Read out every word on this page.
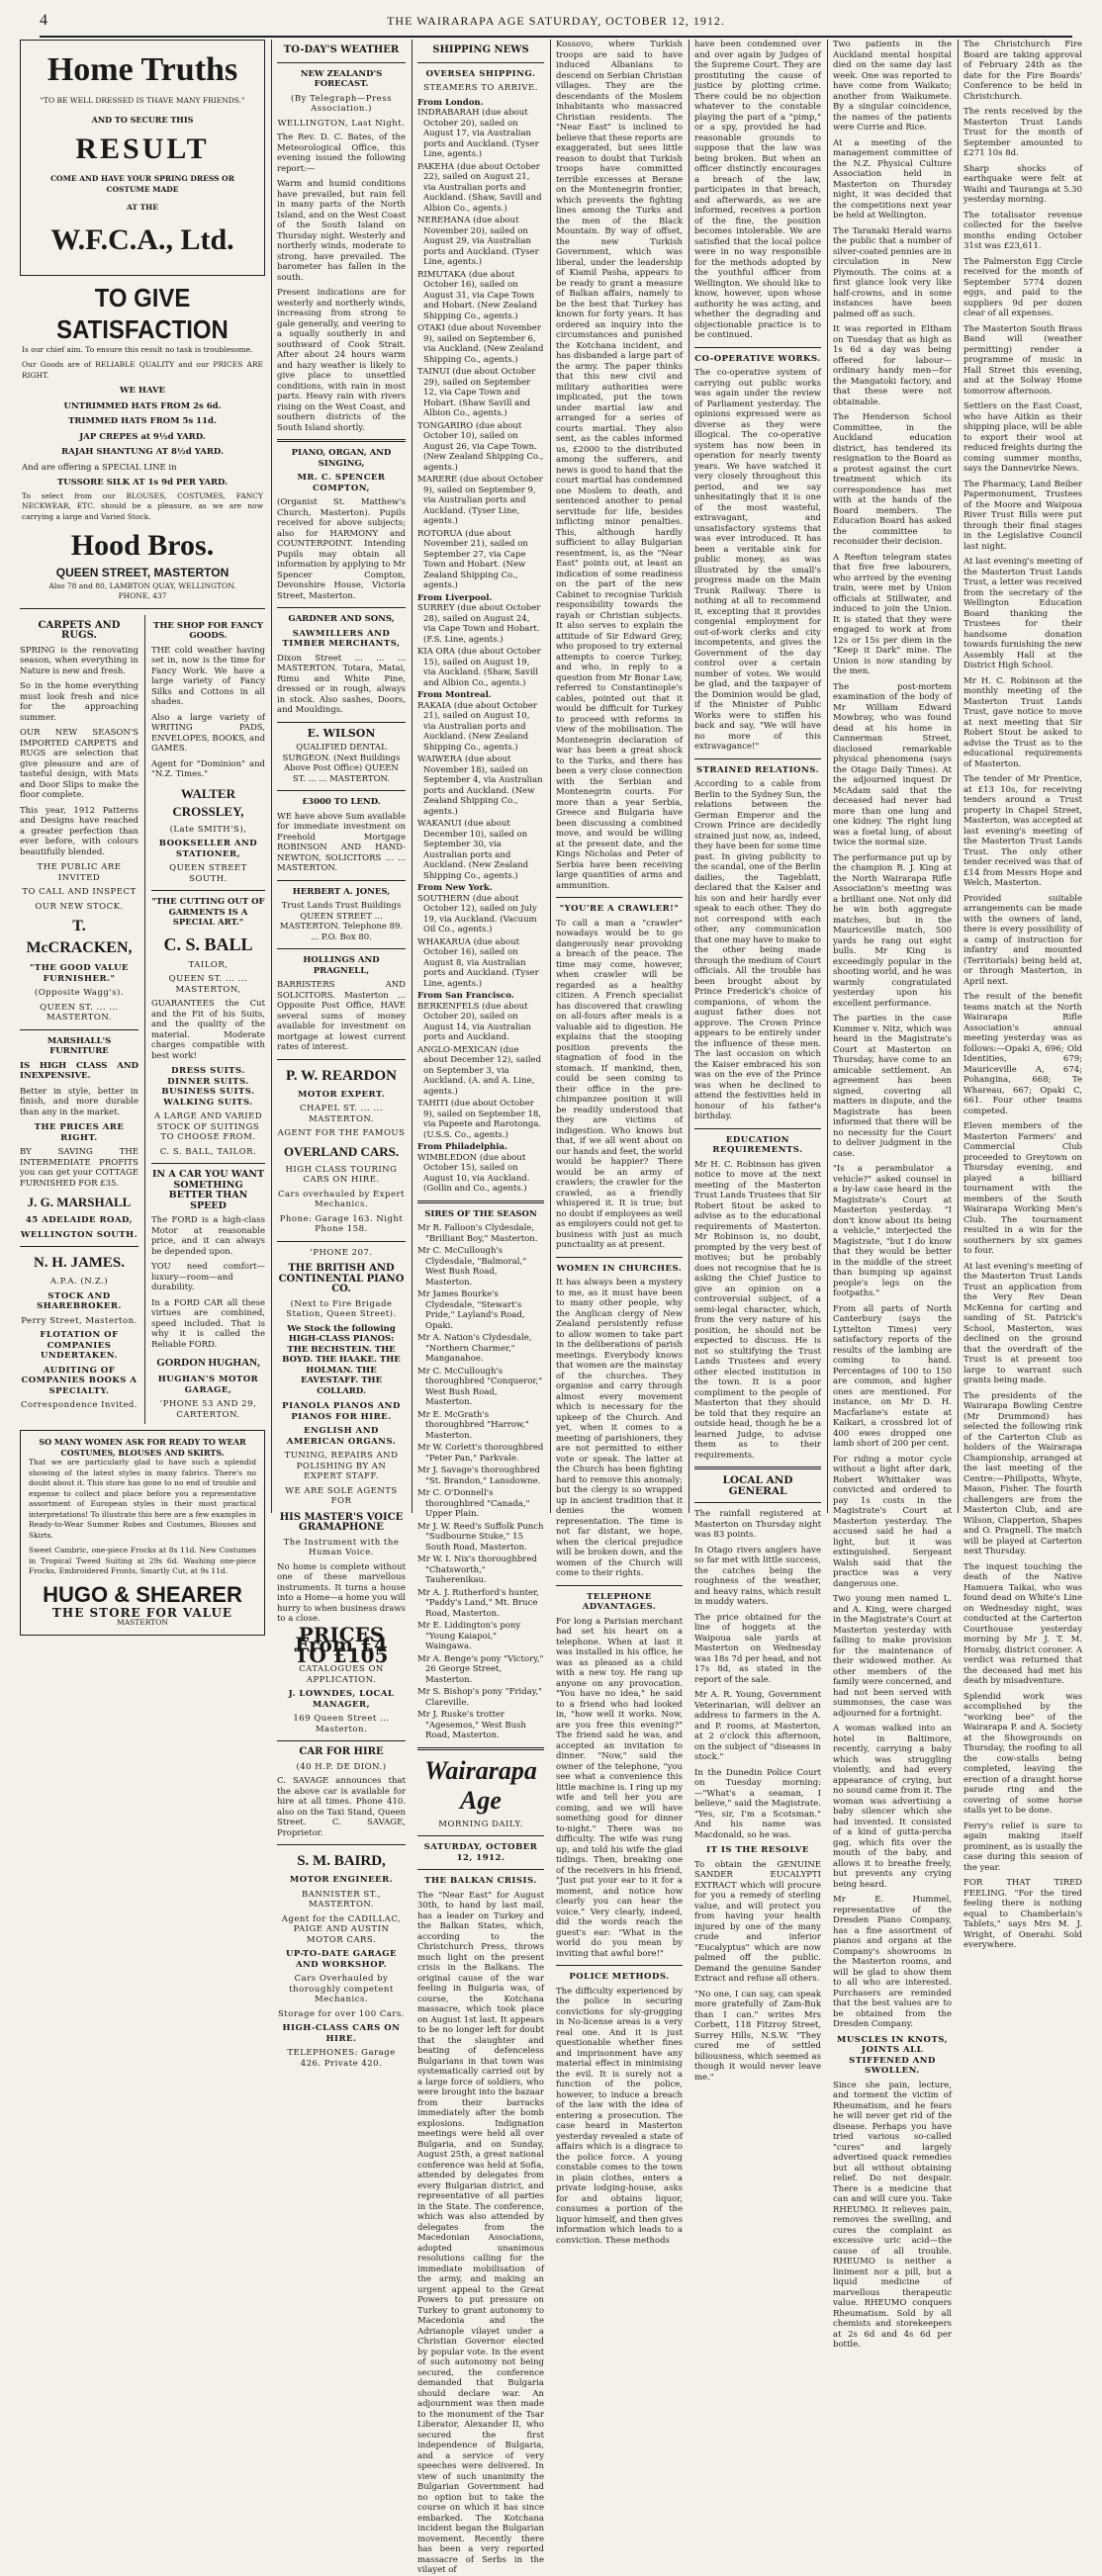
4	THE WAIRARAPA AGE SATURDAY, OCTOBER 12, 1912.
Home Truths
"TO BE WELL DRESSED IS THAVE MANY FRIENDS."
AND TO SECURE THIS
RESULT
COME AND HAVE YOUR SPRING DRESS OR COSTUME MADE
AT THE
W.F.C.A., Ltd.
TO GIVE SATISFACTION
Is our chief aim. To ensure this result no task is troublesome.
Our Goods are of RELIABLE QUALITY and our PRICES ARE RIGHT.
WE HAVE
UNTRIMMED HATS FROM 2s 6d.
TRIMMED HATS FROM 5s 11d.
JAP CREPES at 9½d YARD.
RAJAH SHANTUNG AT 8½d YARD.
And are offering a SPECIAL LINE in
TUSSORE SILK AT 1s 9d PER YARD.
To select from our BLOUSES, COSTUMES, FANCY NECKWEAR, ETC. should be a pleasure, as we are now carrying a large and Varied Stock.
Hood Bros.
QUEEN STREET, MASTERTON
Also 78 and 80, LAMBTON QUAY, WELLINGTON.
PHONE, 437
CARPETS AND RUGS.
SPRING is the renovating season, when everything in Nature is new and fresh.
So in the home everything must look fresh and nice for the approaching summer.
OUR NEW SEASON'S IMPORTED CARPETS and RUGS are selection that give pleasure and are of tasteful design, with Mats and Door Slips to make the floor complete.
This year, 1912 Patterns and Designs have reached a greater perfection than ever before, with colours beautifully blended.
THE PUBLIC ARE INVITED
TO CALL AND INSPECT
OUR NEW STOCK.
T. McCRACKEN,
"THE GOOD VALUE FURNISHER."
(Opposite Wagg's).
QUEEN ST. ... ... MASTERTON.
MARSHALL'S FURNITURE
IS HIGH CLASS AND INEXPENSIVE.
Better in style, better in finish, and more durable than any in the market.
THE PRICES ARE RIGHT.
BY SAVING THE INTERMEDIATE PROFITS you can get your COTTAGE FURNISHED FOR £35.
J. G. MARSHALL
45 ADELAIDE ROAD,
WELLINGTON SOUTH.
N. H. JAMES.
A.P.A. (N.Z.)
STOCK AND SHAREBROKER.
Perry Street, Masterton.
FLOTATION OF COMPANIES UNDERTAKEN.
AUDITING OF COMPANIES BOOKS A SPECIALTY.
Correspondence Invited.
THE SHOP FOR FANCY GOODS.
THE cold weather having set in, now is the time for Fancy Work. We have a large variety of Fancy Silks and Cottons in all shades.
Also a large variety of WRITING PADS, ENVELOPES, BOOKS, and GAMES.
Agent for "Dominion" and "N.Z. Times."
WALTER CROSSLEY,
(Late SMITH'S),
BOOKSELLER AND STATIONER,
QUEEN STREET SOUTH.
"THE CUTTING OUT OF GARMENTS IS A SPECIAL ART."
C. S. BALL
TAILOR,
QUEEN ST. ... ... MASTERTON,
GUARANTEES the Cut and the Fit of his Suits, and the quality of the material. Moderate charges compatible with best work!
DRESS SUITS. DINNER SUITS. BUSINESS SUITS. WALKING SUITS.
A LARGE AND VARIED STOCK OF SUITINGS TO CHOOSE FROM.
C. S. BALL, TAILOR.
IN A CAR YOU WANT SOMETHING BETTER THAN SPEED
The FORD is a high-class Motor at reasonable price, and it can always be depended upon.
YOU need comfort—luxury—room—and durability.
In a FORD CAR all these virtues are combined, speed included. That is why it is called the Reliable FORD.
GORDON HUGHAN,
HUGHAN'S MOTOR GARAGE,
'PHONE 53 AND 29, CARTERTON.
SO MANY WOMEN ASK FOR READY TO WEAR COSTUMES, BLOUSES AND SKIRTS.
That we are particularly glad to have such a splendid showing of the latest styles in many fabrics. There's no doubt about it. This store has gone to no end of trouble and expense to collect and place before you a representative assortment of European styles in their most practical interpretations! To illustrate this here are a few examples in Ready-to-Wear Summer Robes and Costumes, Blouses and Skirts.
Sweet Cambric, one-piece Frocks at 8s 11d. New Costumes in Tropical Tweed Suiting at 29s 6d. Washing one-piece Frocks, Embroidered Fronts, Smartly Cut, at 9s 11d.
HUGO & SHEARER
THE STORE FOR VALUE
MASTERTON
TO-DAY'S WEATHER
NEW ZEALAND'S FORECAST.
(By Telegraph—Press Association.)
WELLINGTON, Last Night.
The Rev. D. C. Bates, of the Meteorological Office, this evening issued the following report:—
Warm and humid conditions have prevailed, but rain fell in many parts of the North Island, and on the West Coast of the South Island on Thursday night. Westerly and northerly winds, moderate to strong, have prevailed. The barometer has fallen in the south.
Present indications are for westerly and northerly winds, increasing from strong to gale generally, and veering to a squally southerly in and southward of Cook Strait. After about 24 hours warm and hazy weather is likely to give place to unsettled conditions, with rain in most parts. Heavy rain with rivers rising on the West Coast, and southern districts of the South Island shortly.
PIANO, ORGAN, AND SINGING,
MR. C. SPENCER COMPTON,
(Organist St. Matthew's Church, Masterton). Pupils received for above subjects; also for HARMONY and COUNTERPOINT. Intending Pupils may obtain all information by applying to Mr Spencer Compton, Devonshire House, Victoria Street, Masterton.
GARDNER AND SONS,
SAWMILLERS AND TIMBER MERCHANTS,
Dixon Street ... ... ... MASTERTON. Totara, Matai, Rimu and White Pine, dressed or in rough, always in stock. Also sashes, Doors, and Mouldings.
E. WILSON
QUALIFIED DENTAL SURGEON. (Next Buildings Above Post Office) QUEEN ST. ... ... MASTERTON.
£3000 TO LEND.
WE have above Sum available for immediate investment on Freehold Mortgage ROBINSON AND HAND-NEWTON, SOLICITORS ... ... MASTERTON.
HERBERT A. JONES,
Trust Lands Trust Buildings QUEEN STREET ... MASTERTON. Telephone 89. ... P.O. Box 80.
HOLLINGS AND PRAGNELL,
BARRISTERS AND SOLICITORS. Masterton ... Opposite Post Office, HAVE several sums of money available for investment on mortgage at lowest current rates of interest.
P. W. REARDON
MOTOR EXPERT.
CHAPEL ST. ... ... MASTERTON.
AGENT FOR THE FAMOUS
OVERLAND CARS.
HIGH CLASS TOURING CARS ON HIRE.
Cars overhauled by Expert Mechanics.
Phone: Garage 163. Night Phone 158.
'PHONE 207.
THE BRITISH AND CONTINENTAL PIANO CO.
(Next to Fire Brigade Station, Queen Street).
We Stock the following HIGH-CLASS PIANOS: THE BECHSTEIN. THE BOYD. THE HAAKE. THE HOLMAN. THE EAVESTAFF. THE COLLARD.
PIANOLA PIANOS AND PIANOS FOR HIRE.
ENGLISH AND AMERICAN ORGANS.
TUNING, REPAIRS AND POLISHING BY AN EXPERT STAFF.
WE ARE SOLE AGENTS FOR
HIS MASTER'S VOICE GRAMAPHONE
The Instrument with the Human Voice.
No home is complete without one of these marvellous instruments. It turns a house into a Home—a home you will hurry to when business draws to a close.
PRICES From £4 TO £105
CATALOGUES ON APPLICATION.
J. LOWNDES, LOCAL MANAGER,
169 Queen Street ... Masterton.
CAR FOR HIRE
(40 H.P. DE DION.)
C. SAVAGE announces that the above car is available for hire at all times. Phone 410. also on the Taxi Stand, Queen Street. C. SAVAGE, Proprietor.
S. M. BAIRD,
MOTOR ENGINEER.
BANNISTER ST., MASTERTON.
Agent for the CADILLAC, PAIGE AND AUSTIN MOTOR CARS.
UP-TO-DATE GARAGE AND WORKSHOP.
Cars Overhauled by thoroughly competent Mechanics.
Storage for over 100 Cars.
HIGH-CLASS CARS ON HIRE.
TELEPHONES: Garage 426. Private 420.
SHIPPING NEWS
OVERSEA SHIPPING.
STEAMERS TO ARRIVE.
From London.
INDRABARAH (due about October 20), sailed on August 17, via Australian ports and Auckland. (Tyser Line, agents.)
PAKEHA (due about October 22), sailed on August 21, via Australian ports and Auckland. (Shaw, Savill and Albion Co., agents.)
NEREHANA (due about November 20), sailed on August 29, via Australian ports and Auckland. (Tyser Line, agents.)
RIMUTAKA (due about October 16), sailed on August 31, via Cape Town and Hobart. (New Zealand Shipping Co., agents.)
OTAKI (due about November 9), sailed on September 6, via Auckland. (New Zealand Shipping Co., agents.)
TAINUI (due about October 29), sailed on September 12, via Cape Town and Hobart. (Shaw Savill and Albion Co., agents.)
TONGARIRO (due about October 10), sailed on August 26, via Cape Town. (New Zealand Shipping Co., agents.)
MARERE (due about October 9), sailed on September 9, via Australian ports and Auckland. (Tyser Line, agents.)
ROTORUA (due about November 21), sailed on September 27, via Cape Town and Hobart. (New Zealand Shipping Co., agents.)
From Liverpool.
SURREY (due about October 28), sailed on August 24, via Cape Town and Hobart. (F.S. Line, agents.)
KIA ORA (due about October 15), sailed on August 19, via Auckland. (Shaw, Savill and Albion Co., agents.)
From Montreal.
RAKAIA (due about October 21), sailed on August 10, via Australian ports and Auckland. (New Zealand Shipping Co., agents.)
WAIWERA (due about November 18), sailed on September 4, via Australian ports and Auckland. (New Zealand Shipping Co., agents.)
WAKANUI (due about December 10), sailed on September 30, via Australian ports and Auckland. (New Zealand Shipping Co., agents.)
From New York.
SOUTHERN (due about October 12), sailed on July 19, via Auckland. (Vacuum Oil Co., agents.)
WHAKARUA (due about October 16), sailed on August 8, via Australian ports and Auckland. (Tyser Line, agents.)
From San Francisco.
BERKENFELS (due about October 20), sailed on August 14, via Australian ports and Auckland.
ANGLO-MEXICAN (due about December 12), sailed on September 3, via Auckland. (A. and A. Line, agents.)
TAHITI (due about October 9), sailed on September 18, via Papeete and Rarotonga. (U.S.S. Co., agents.)
From Philadelphia.
WIMBLEDON (due about October 15), sailed on August 10, via Auckland. (Gollin and Co., agents.)
SIRES OF THE SEASON
Mr R. Falloon's Clydesdale, "Brilliant Boy," Masterton.
Mr C. McCullough's Clydesdale, "Balmoral," West Bush Road, Masterton.
Mr James Bourke's Clydesdale, "Stewart's Pride," Layland's Road, Opaki.
Mr A. Nation's Clydesdale, "Northern Charmer," Manganahoe.
Mr C. McCullough's thoroughbred "Conqueror," West Bush Road, Masterton.
Mr E. McGrath's thoroughbred "Harrow," Masterton.
Mr W. Corlett's thoroughbred "Peter Pan," Parkvale.
Mr J. Savage's thoroughbred "St. Brandon," Lansdowne.
Mr C. O'Donnell's thoroughbred "Canada," Upper Plain.
Mr J. W. Reed's Suffolk Punch "Sudbourne Stuke," 15 South Road, Masterton.
Mr W. I. Nix's thoroughbred "Chatsworth," Tauherenikau.
Mr A. J. Rutherford's hunter, "Paddy's Land," Mt. Bruce Road, Masterton.
Mr E. Liddington's pony "Young Kaiapoi," Waingawa.
Mr A. Benge's pony "Victory," 26 George Street, Masterton.
Mr S. Bishop's pony "Friday," Clareville.
Mr J. Ruske's trotter "Agesemos," West Bush Road, Masterton.
Wairarapa Age
MORNING DAILY.
SATURDAY, OCTOBER 12, 1912.
THE BALKAN CRISIS.
The "Near East" for August 30th, to hand by last mail, has a leader on Turkey and the Balkan States, which, according to the Christchurch Press, throws much light on the present crisis in the Balkans. The original cause of the war feeling in Bulgaria was, of course, the Kotchana massacre, which took place on August 1st last. It appears to be no longer left for doubt that the slaughter and beating of defenceless Bulgarians in that town was systematically carried out by a large force of soldiers, who were brought into the bazaar from their barracks immediately after the bomb explosions. Indignation meetings were held all over Bulgaria, and on Sunday, August 25th, a great national conference was held at Sofia, attended by delegates from every Bulgarian district, and representative of all parties in the State. The conference, which was also attended by delegates from the Macedonian Associations, adopted unanimous resolutions calling for the immediate mobilisation of the army, and making an urgent appeal to the Great Powers to put pressure on Turkey to grant autonomy to Macedonia and the Adrianople vilayet under a Christian Governor elected by popular vote. In the event of such autonomy not being secured, the conference demanded that Bulgaria should declare war. An adjournment was then made to the monument of the Tsar Liberator, Alexander II, who secured the first independence of Bulgaria, and a service of very speeches were delivered. In view of such unanimity the Bulgarian Government had no option but to take the course on which it has since embarked. The Kotchana incident began the Bulgarian movement. Recently there has been a very reported massacre of Serbs in the vilayet of
Kossovo, where Turkish troops are said to have induced Albanians to descend on Serbian Christian villages. They are the descendants of the Moslem inhabitants who massacred Christian residents. The "Near East" is inclined to believe that these reports are exaggerated, but sees little reason to doubt that Turkish troops have committed terrible excesses at Berane on the Montenegrin frontier, which prevents the fighting lines among the Turks and the men of the Black Mountain. By way of offset, the new Turkish Government, which was liberal, under the leadership of Kiamil Pasha, appears to be ready to grant a measure of Balkan affairs, namely to be the best that Turkey has known for forty years. It has ordered an inquiry into the circumstances and punished the Kotchana incident, and has disbanded a large part of the army. The paper thinks that this new civil and military authorities were implicated, put the town under martial law and arranged for a series of courts martial. They also sent, as the cables informed us, £2000 to the distributed among the sufferers, and news is good to hand that the court martial has condemned one Moslem to death, and sentenced another to penal servitude for life, besides inflicting minor penalties. This, although hardly sufficient to allay Bulgarian resentment, is, as the "Near East" points out, at least an indication of some readiness on the part of the new Cabinet to recognise Turkish responsibility towards the rayah or Christian subjects. It also serves to explain the attitude of Sir Edward Grey, who proposed to try external attempts to coerce Turkey, and who, in reply to a question from Mr Bonar Law, referred to Constantinople's cables, pointed out that it would be difficult for Turkey to proceed with reforms in view of the mobilisation. The Montenegrin declaration of war has been a great shock to the Turks, and there has been a very close connection with the Serbian and Montenegrin courts. For more than a year Serbia, Greece and Bulgaria have been discussing a combined move, and would be willing at the present date, and the Kings Nicholas and Peter of Serbia have been receiving large quantities of arms and ammunition.
"YOU'RE A CRAWLER!"
To call a man a "crawler" nowadays would be to go dangerously near provoking a breach of the peace. The time may come, however, when crawler will be regarded as a healthy citizen. A French specialist has discovered that crawling on all-fours after meals is a valuable aid to digestion. He explains that the stooping position prevents the stagnation of food in the stomach. If mankind, then, could be seen coming to their office in the pre-chimpanzee position it will be readily understood that they are victims of indigestion. Who knows but that, if we all went about on our hands and feet, the world would be happier? There would be an army of crawlers; the crawler for the crawled, as a friendly whispered it. It is true; but no doubt if employees as well as employers could not get to business with just as much punctuality as at present.
WOMEN IN CHURCHES.
It has always been a mystery to me, as it must have been to many other people, why the Anglican clergy of New Zealand persistently refuse to allow women to take part in the deliberations of parish meetings. Everybody knows that women are the mainstay of the churches. They organise and carry through almost every movement which is necessary for the upkeep of the Church. And yet, when it comes to a meeting of parishioners, they are not permitted to either vote or speak. The latter at the Church has been fighting hard to remove this anomaly; but the clergy is so wrapped up in ancient tradition that it denies the women representation. The time is not far distant, we hope, when the clerical prejudice will be broken down, and the women of the Church will come to their rights.
TELEPHONE ADVANTAGES.
For long a Parisian merchant had set his heart on a telephone. When at last it was installed in his office, he was as pleased as a child with a new toy. He rang up anyone on any provocation. "You have no idea," he said to a friend who had looked in, "how well it works. Now, are you free this evening?" The friend said he was, and accepted an invitation to dinner. "Now," said the owner of the telephone, "you see what a convenience this little machine is. I ring up my wife and tell her you are coming, and we will have something good for dinner to-night." There was no difficulty. The wife was rung up, and told his wife the glad tidings. Then, breaking one of the receivers in his friend, "Just put your ear to it for a moment, and notice how clearly you can hear the voice." Very clearly, indeed, did the words reach the guest's ear: "What in the world do you mean by inviting that awful bore!"
POLICE METHODS.
The difficulty experienced by the police in securing convictions for sly-grogging in No-license areas is a very real one. And it is just questionable whether fines and imprisonment have any material effect in minimising the evil. It is surely not a function of the police, however, to induce a breach of the law with the idea of entering a prosecution. The case heard in Masterton yesterday revealed a state of affairs which is a disgrace to the police force. A young constable comes to the town in plain clothes, enters a private lodging-house, asks for and obtains liquor, consumes a portion of the liquor himself, and then gives information which leads to a conviction. These methods
have been condemned over and over again by Judges of the Supreme Court. They are prostituting the cause of justice by plotting crime. There could be no objection whatever to the constable playing the part of a "pimp," or a spy, provided he had reasonable grounds to suppose that the law was being broken. But when an officer distinctly encourages a breach of the law, participates in that breach, and afterwards, as we are informed, receives a portion of the fine, the position becomes intolerable. We are satisfied that the local police were in no way responsible for the methods adopted by the youthful officer from Wellington. We should like to know, however, upon whose authority he was acting, and whether the degrading and objectionable practice is to be continued.
CO-OPERATIVE WORKS.
The co-operative system of carrying out public works was again under the review of Parliament yesterday. The opinions expressed were as diverse as they were illogical. The co-operative system has now been in operation for nearly twenty years. We have watched it very closely throughout this period, and we say unhesitatingly that it is one of the most wasteful, extravagant, and unsatisfactory systems that was ever introduced. It has been a veritable sink for public money, as was illustrated by the small's progress made on the Main Trunk Railway. There is nothing at all to recommend it, excepting that it provides congenial employment for out-of-work clerks and city incompetents, and gives the Government of the day control over a certain number of votes. We would be glad, and the taxpayer of the Dominion would be glad, if the Minister of Public Works were to stiffen his back and say, "We will have no more of this extravagance!"
STRAINED RELATIONS.
According to a cable from Berlin to the Sydney Sun, the relations between the German Emperor and the Crown Prince are decidedly strained just now, as, indeed, they have been for some time past. In giving publicity to the scandal, one of the Berlin dailies, the Tageblatt, declared that the Kaiser and his son and heir hardly ever speak to each other. They do not correspond with each other, any communication that one may have to make to the other being made through the medium of Court officials. All the trouble has been brought about by Prince Frederick's choice of companions, of whom the august father does not approve. The Crown Prince appears to be entirely under the influence of these men. The last occasion on which the Kaiser embraced his son was on the eve of the Prince was when he declined to attend the festivities held in honour of his father's birthday.
EDUCATION REQUIREMENTS.
Mr H. C. Robinson has given notice to move at the next meeting of the Masterton Trust Lands Trustees that Sir Robert Stout be asked to advise as to the educational requirements of Masterton. Mr Robinson is, no doubt, prompted by the very best of motives; but he probably does not recognise that he is asking the Chief Justice to give an opinion on a controversial subject, of a semi-legal character, which, from the very nature of his position, he should not be expected to discuss. He is not so stultifying the Trust Lands Trustees and every other elected institution in the town. It is a poor compliment to the people of Masterton that they should be told that they require an outside head, though he be a learned Judge, to advise them as to their requirements.
LOCAL AND GENERAL
The rainfall registered at Masterton on Thursday night was 83 points.
In Otago rivers anglers have so far met with little success, the catches being the roughness of the weather, and heavy rains, which result in muddy waters.
The price obtained for the line of hoggets at the Waipoua sale yards at Masterton on Wednesday was 18s 7d per head, and not 17s 8d, as stated in the report of the sale.
Mr A. R. Young, Government Veterinarian, will deliver an address to farmers in the A. and P. rooms, at Masterton, at 2 o'clock this afternoon, on the subject of "diseases in stock."
In the Dunedin Police Court on Tuesday morning:—"What's a seaman, I believe," said the Magistrate. "Yes, sir, I'm a Scotsman." And his name was Macdonald, so he was.
IT IS THE RESOLVE
To obtain the GENUINE SANDER EUCALYPTI EXTRACT which will procure for you a remedy of sterling value, and will protect you from having your health injured by one of the many crude and inferior "Eucalyptus" which are now palmed off the public. Demand the genuine Sander Extract and refuse all others.
"No one, I can say, can speak more gratefully of Zam-Buk than I can." writes Mrs Corbett, 118 Fitzroy Street, Surrey Hills, N.S.W. "They cured me of settled biliousness, which seemed as though it would never leave me."
Two patients in the Auckland mental hospital died on the same day last week. One was reported to have come from Waikato; another from Waikumete. By a singular coincidence, the names of the patients were Currie and Rice.
At a meeting of the management committee of the N.Z. Physical Culture Association held in Masterton on Thursday night, it was decided that the competitions next year be held at Wellington.
The Taranaki Herald warns the public that a number of silver-coated pennies are in circulation in New Plymouth. The coins at a first glance look very like half-crowns, and in some instances have been palmed off as such.
It was reported in Eltham on Tuesday that as high as 1s 6d a day was being offered for labour—ordinary handy men—for the Mangatoki factory, and that these were not obtainable.
The Henderson School Committee, in the Auckland education district, has tendered its resignation to the Board as a protest against the curt treatment which its correspondence has met with at the hands of the Board members. The Education Board has asked the committee to reconsider their decision.
A Reefton telegram states that five free labourers, who arrived by the evening train, were met by Union officials at Stillwater, and induced to join the Union. It is stated that they were engaged to work at from 12s or 15s per diem in the "Keep it Dark" mine. The Union is now standing by the men.
The post-mortem examination of the body of Mr William Edward Mowbray, who was found dead at his home in Cannerman Street, disclosed remarkable physical phenomena (says the Otago Daily Times). At the adjourned inquest Dr McAdam said that the deceased had never had more than one lung and one kidney. The right lung was a foetal lung, of about twice the normal size.
The performance put up by the champion R. J. King at the North Wairarapa Rifle Association's meeting was a brilliant one. Not only did he win both aggregate matches, but in the Mauriceville match, 500 yards he rang out eight bulls. Mr King is exceedingly popular in the shooting world, and he was warmly congratulated yesterday upon his excellent performance.
The parties in the case Kummer v. Nitz, which was heard in the Magistrate's Court at Masterton on Thursday, have come to an amicable settlement. An agreement has been signed, covering all matters in dispute, and the Magistrate has been informed that there will be no necessity for the Court to deliver judgment in the case.
"Is a perambulator a vehicle?" asked counsel in a by-law case heard in the Magistrate's Court at Masterton yesterday. "I don't know about its being a vehicle," interjected the Magistrate, "but I do know that they would be better in the middle of the street than bumping up against people's legs on the footpaths."
From all parts of North Canterbury (says the Lyttelton Times) very satisfactory reports of the results of the lambing are coming to hand. Percentages of 100 to 150 are common, and higher ones are mentioned. For instance, on Mr D. H. Macfarlane's estate at Kaikari, a crossbred lot of 400 ewes dropped one lamb short of 200 per cent.
For riding a motor cycle without a light after dark, Robert Whittaker was convicted and ordered to pay 1s costs in the Magistrate's Court at Masterton yesterday. The accused said he had a light, but it was extinguished. Sergeant Walsh said that the practice was a very dangerous one.
Two young men named L. and A. King, were charged in the Magistrate's Court at Masterton yesterday with failing to make provision for the maintenance of their widowed mother. As other members of the family were concerned, and had not been served with summonses, the case was adjourned for a fortnight.
A woman walked into an hotel in Baltimore, recently, carrying a baby which was struggling violently, and had every appearance of crying, but no sound came from it. The woman was advertising a baby silencer which she had invented. It consisted of a kind of gutta-percha gag, which fits over the mouth of the baby, and allows it to breathe freely, but prevents any crying being heard.
Mr E. Hummel, representative of the Dresden Piano Company, has a fine assortment of pianos and organs at the Company's showrooms in the Masterton rooms, and will be glad to show them to all who are interested. Purchasers are reminded that the best values are to be obtained from the Dresden Company.
MUSCLES IN KNOTS, JOINTS ALL STIFFENED AND SWOLLEN.
Since she pain, lecture, and torment the victim of Rheumatism, and he fears he will never get rid of the disease. Perhaps you have tried various so-called "cures" and largely advertised quack remedies but all without obtaining relief. Do not despair. There is a medicine that can and will cure you. Take RHEUMO. It relieves pain, removes the swelling, and cures the complaint as excessive uric acid—the cause of all trouble. RHEUMO is neither a liniment nor a pill, but a liquid medicine of marvellous therapeutic value. RHEUMO conquers Rheumatism. Sold by all chemists and storekeepers at 2s 6d and 4s 6d per bottle.
The Christchurch Fire Board are taking approval of February 24th as the date for the Fire Boards' Conference to be held in Christchurch.
The rents received by the Masterton Trust Lands Trust for the month of September amounted to £271 10s 8d.
Sharp shocks of earthquake were felt at Waihi and Tauranga at 5.30 yesterday morning.
The totalisator revenue collected for the twelve months ending October 31st was £23,611.
The Palmerston Egg Circle received for the month of September 5774 dozen eggs, and paid to the suppliers 9d per dozen clear of all expenses.
The Masterton South Brass Band will (weather permitting) render a programme of music in Hall Street this evening, and at the Solway Home tomorrow afternoon.
Settlers on the East Coast, who have Aitkin as their shipping place, will be able to export their wool at reduced freights during the coming summer months, says the Dannevirke News.
The Pharmacy, Land Beiber Papermonument, Trustees of the Moore and Waipoua River Trust Bills were put through their final stages in the Legislative Council last night.
At last evening's meeting of the Masterton Trust Lands Trust, a letter was received from the secretary of the Wellington Education Board thanking the Trustees for their handsome donation towards furnishing the new Assembly Hall at the District High School.
Mr H. C. Robinson at the monthly meeting of the Masterton Trust Lands Trust, gave notice to move at next meeting that Sir Robert Stout be asked to advise the Trust as to the educational requirements of Masterton.
The tender of Mr Prentice, at £13 10s, for receiving tenders around a Trust property in Chapel Street, Masterton, was accepted at last evening's meeting of the Masterton Trust Lands Trust. The only other tender received was that of £14 from Messrs Hope and Welch, Masterton.
Provided suitable arrangements can be made with the owners of land, there is every possibility of a camp of instruction for infantry and mounted (Territorials) being held at, or through Masterton, in April next.
The result of the benefit teams match at the North Wairarapa Rifle Association's annual meeting yesterday was as follows:—Opaki A, 696; Old Identities, 679; Mauriceville A, 674; Pohangina, 668; Te Whareau, 667; Opaki C, 661. Four other teams competed.
Eleven members of the Masterton Farmers' and Commercial Club proceeded to Greytown on Thursday evening, and played a billiard tournament with the members of the South Wairarapa Working Men's Club. The tournament resulted in a win for the southerners by six games to four.
At last evening's meeting of the Masterton Trust Lands Trust an application from the Very Rev Dean McKenna for carting and sanding of St. Patrick's School, Masterton, was declined on the ground that the overdraft of the Trust is at present too large to warrant such grants being made.
The presidents of the Wairarapa Bowling Centre (Mr Drummond) has selected the following rink of the Carterton Club as holders of the Wairarapa Championship, arranged at the last meeting of the Centre:—Phillpotts, Whyte, Mason, Fisher. The fourth challengers are from the Masterton Club, and are Wilson, Clapperton, Shapes and O. Pragnell. The match will be played at Carterton next Thursday.
The inquest touching the death of the Native Hamuera Taikai, who was found dead on White's Line on Wednesday night, was conducted at the Carterton Courthouse yesterday morning by Mr J. T. M. Hornsby, district coroner. A verdict was returned that the deceased had met his death by misadventure.
Splendid work was accomplished by the "working bee" of the Wairarapa P. and A. Society at the Showgrounds on Thursday, the roofing to all the cow-stalls being completed, leaving the erection of a draught horse parade ring and the covering of some horse stalls yet to be done.
Ferry's relief is sure to again making itself prominent, as is usually the case during this season of the year.
FOR THAT TIRED FEELING. "For the tired feeling there is nothing equal to Chamberlain's Tablets," says Mrs M. J. Wright, of Onerahi. Sold everywhere.
